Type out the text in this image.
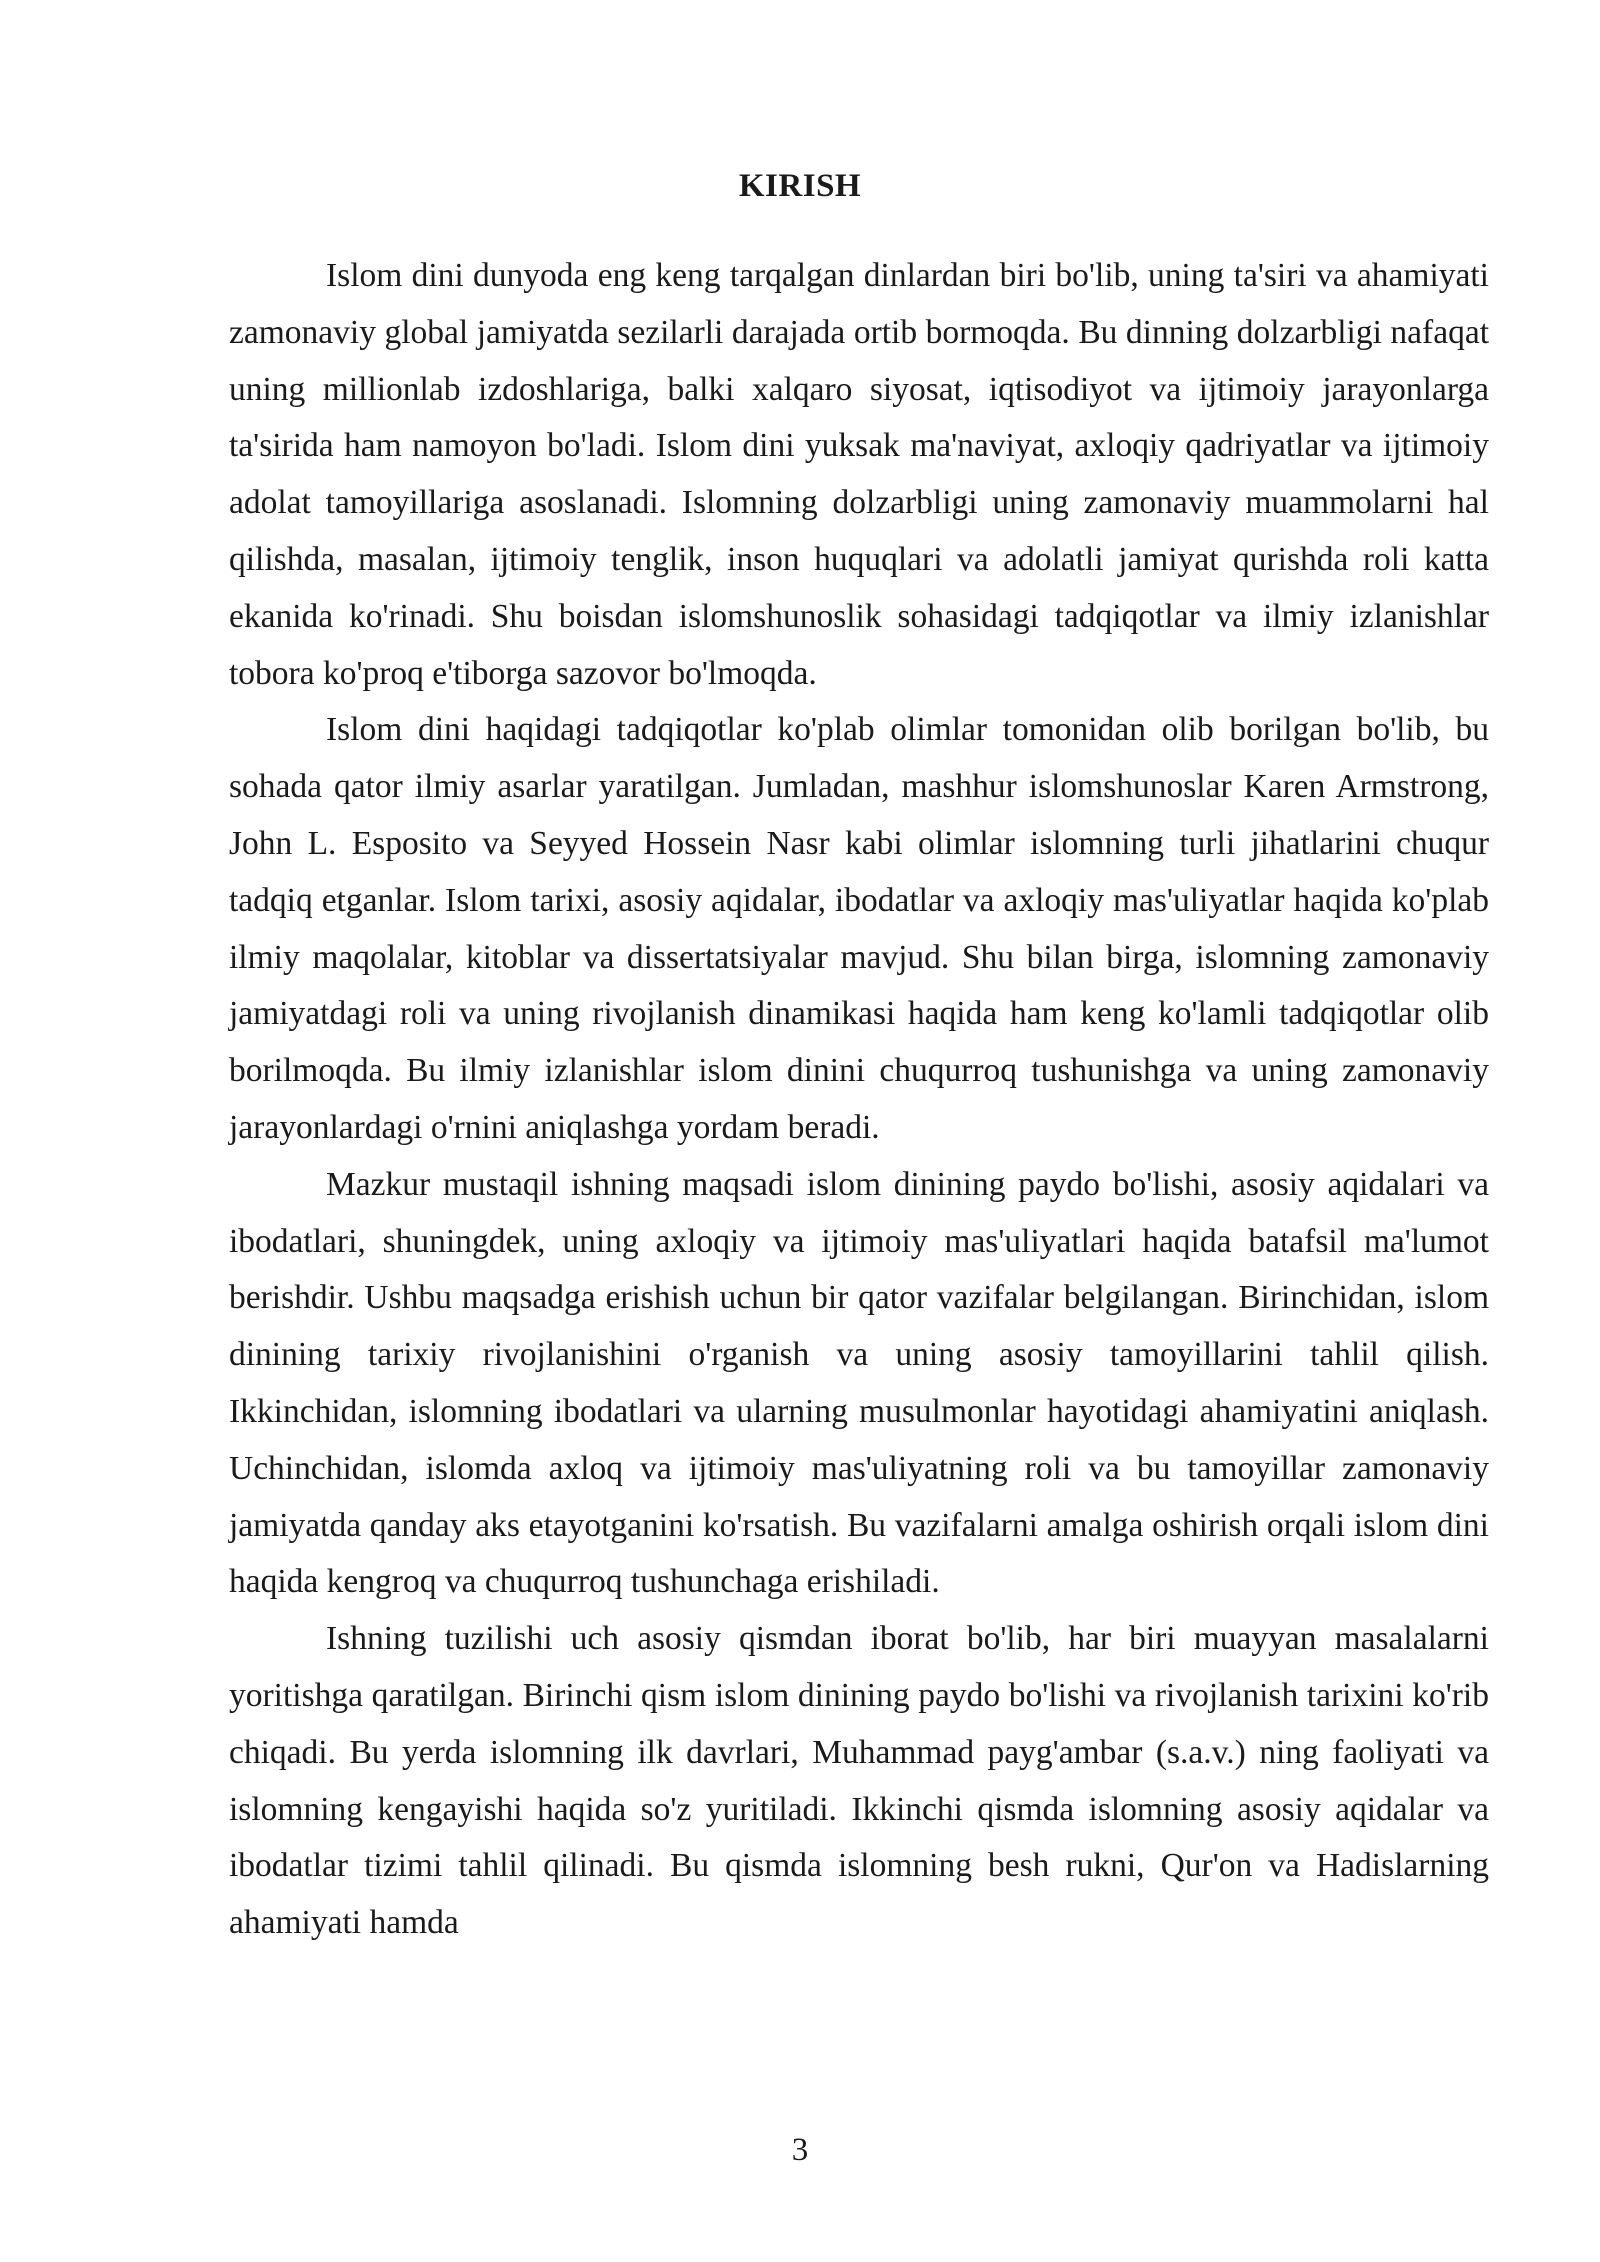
KIRISH

Islom dini dunyoda eng keng tarqalgan dinlardan biri bo'lib, uning ta'siri va ahamiyati zamonaviy global jamiyatda sezilarli darajada ortib bormoqda. Bu dinning dolzarbligi nafaqat uning millionlab izdoshlariga, balki xalqaro siyosat, iqtisodiyot va ijtimoiy jarayonlarga ta'sirida ham namoyon bo'ladi. Islom dini yuksak ma'naviyat, axloqiy qadriyatlar va ijtimoiy adolat tamoyillariga asoslanadi. Islomning dolzarbligi uning zamonaviy muammolarni hal qilishda, masalan, ijtimoiy tenglik, inson huquqlari va adolatli jamiyat qurishda roli katta ekanida ko'rinadi. Shu boisdan islomshunoslik sohasidagi tadqiqotlar va ilmiy izlanishlar tobora ko'proq e'tiborga sazovor bo'lmoqda.

Islom dini haqidagi tadqiqotlar ko'plab olimlar tomonidan olib borilgan bo'lib, bu sohada qator ilmiy asarlar yaratilgan. Jumladan, mashhur islomshunoslar Karen Armstrong, John L. Esposito va Seyyed Hossein Nasr kabi olimlar islomning turli jihatlarini chuqur tadqiq etganlar. Islom tarixi, asosiy aqidalar, ibodatlar va axloqiy mas'uliyatlar haqida ko'plab ilmiy maqolalar, kitoblar va dissertatsiyalar mavjud. Shu bilan birga, islomning zamonaviy jamiyatdagi roli va uning rivojlanish dinamikasi haqida ham keng ko'lamli tadqiqotlar olib borilmoqda. Bu ilmiy izlanishlar islom dinini chuqurroq tushunishga va uning zamonaviy jarayonlardagi o'rnini aniqlashga yordam beradi.

Mazkur mustaqil ishning maqsadi islom dinining paydo bo'lishi, asosiy aqidalari va ibodatlari, shuningdek, uning axloqiy va ijtimoiy mas'uliyatlari haqida batafsil ma'lumot berishdir. Ushbu maqsadga erishish uchun bir qator vazifalar belgilangan. Birinchidan, islom dinining tarixiy rivojlanishini o'rganish va uning asosiy tamoyillarini tahlil qilish. Ikkinchidan, islomning ibodatlari va ularning musulmonlar hayotidagi ahamiyatini aniqlash. Uchinchidan, islomda axloq va ijtimoiy mas'uliyatning roli va bu tamoyillar zamonaviy jamiyatda qanday aks etayotganini ko'rsatish. Bu vazifalarni amalga oshirish orqali islom dini haqida kengroq va chuqurroq tushunchaga erishiladi.

Ishning tuzilishi uch asosiy qismdan iborat bo'lib, har biri muayyan masalalarni yoritishga qaratilgan. Birinchi qism islom dinining paydo bo'lishi va rivojlanish tarixini ko'rib chiqadi. Bu yerda islomning ilk davrlari, Muhammad payg'ambar (s.a.v.) ning faoliyati va islomning kengayishi haqida so'z yuritiladi. Ikkinchi qismda islomning asosiy aqidalar va ibodatlar tizimi tahlil qilinadi. Bu qismda islomning besh rukni, Qur'on va Hadislarning ahamiyati hamda

3
